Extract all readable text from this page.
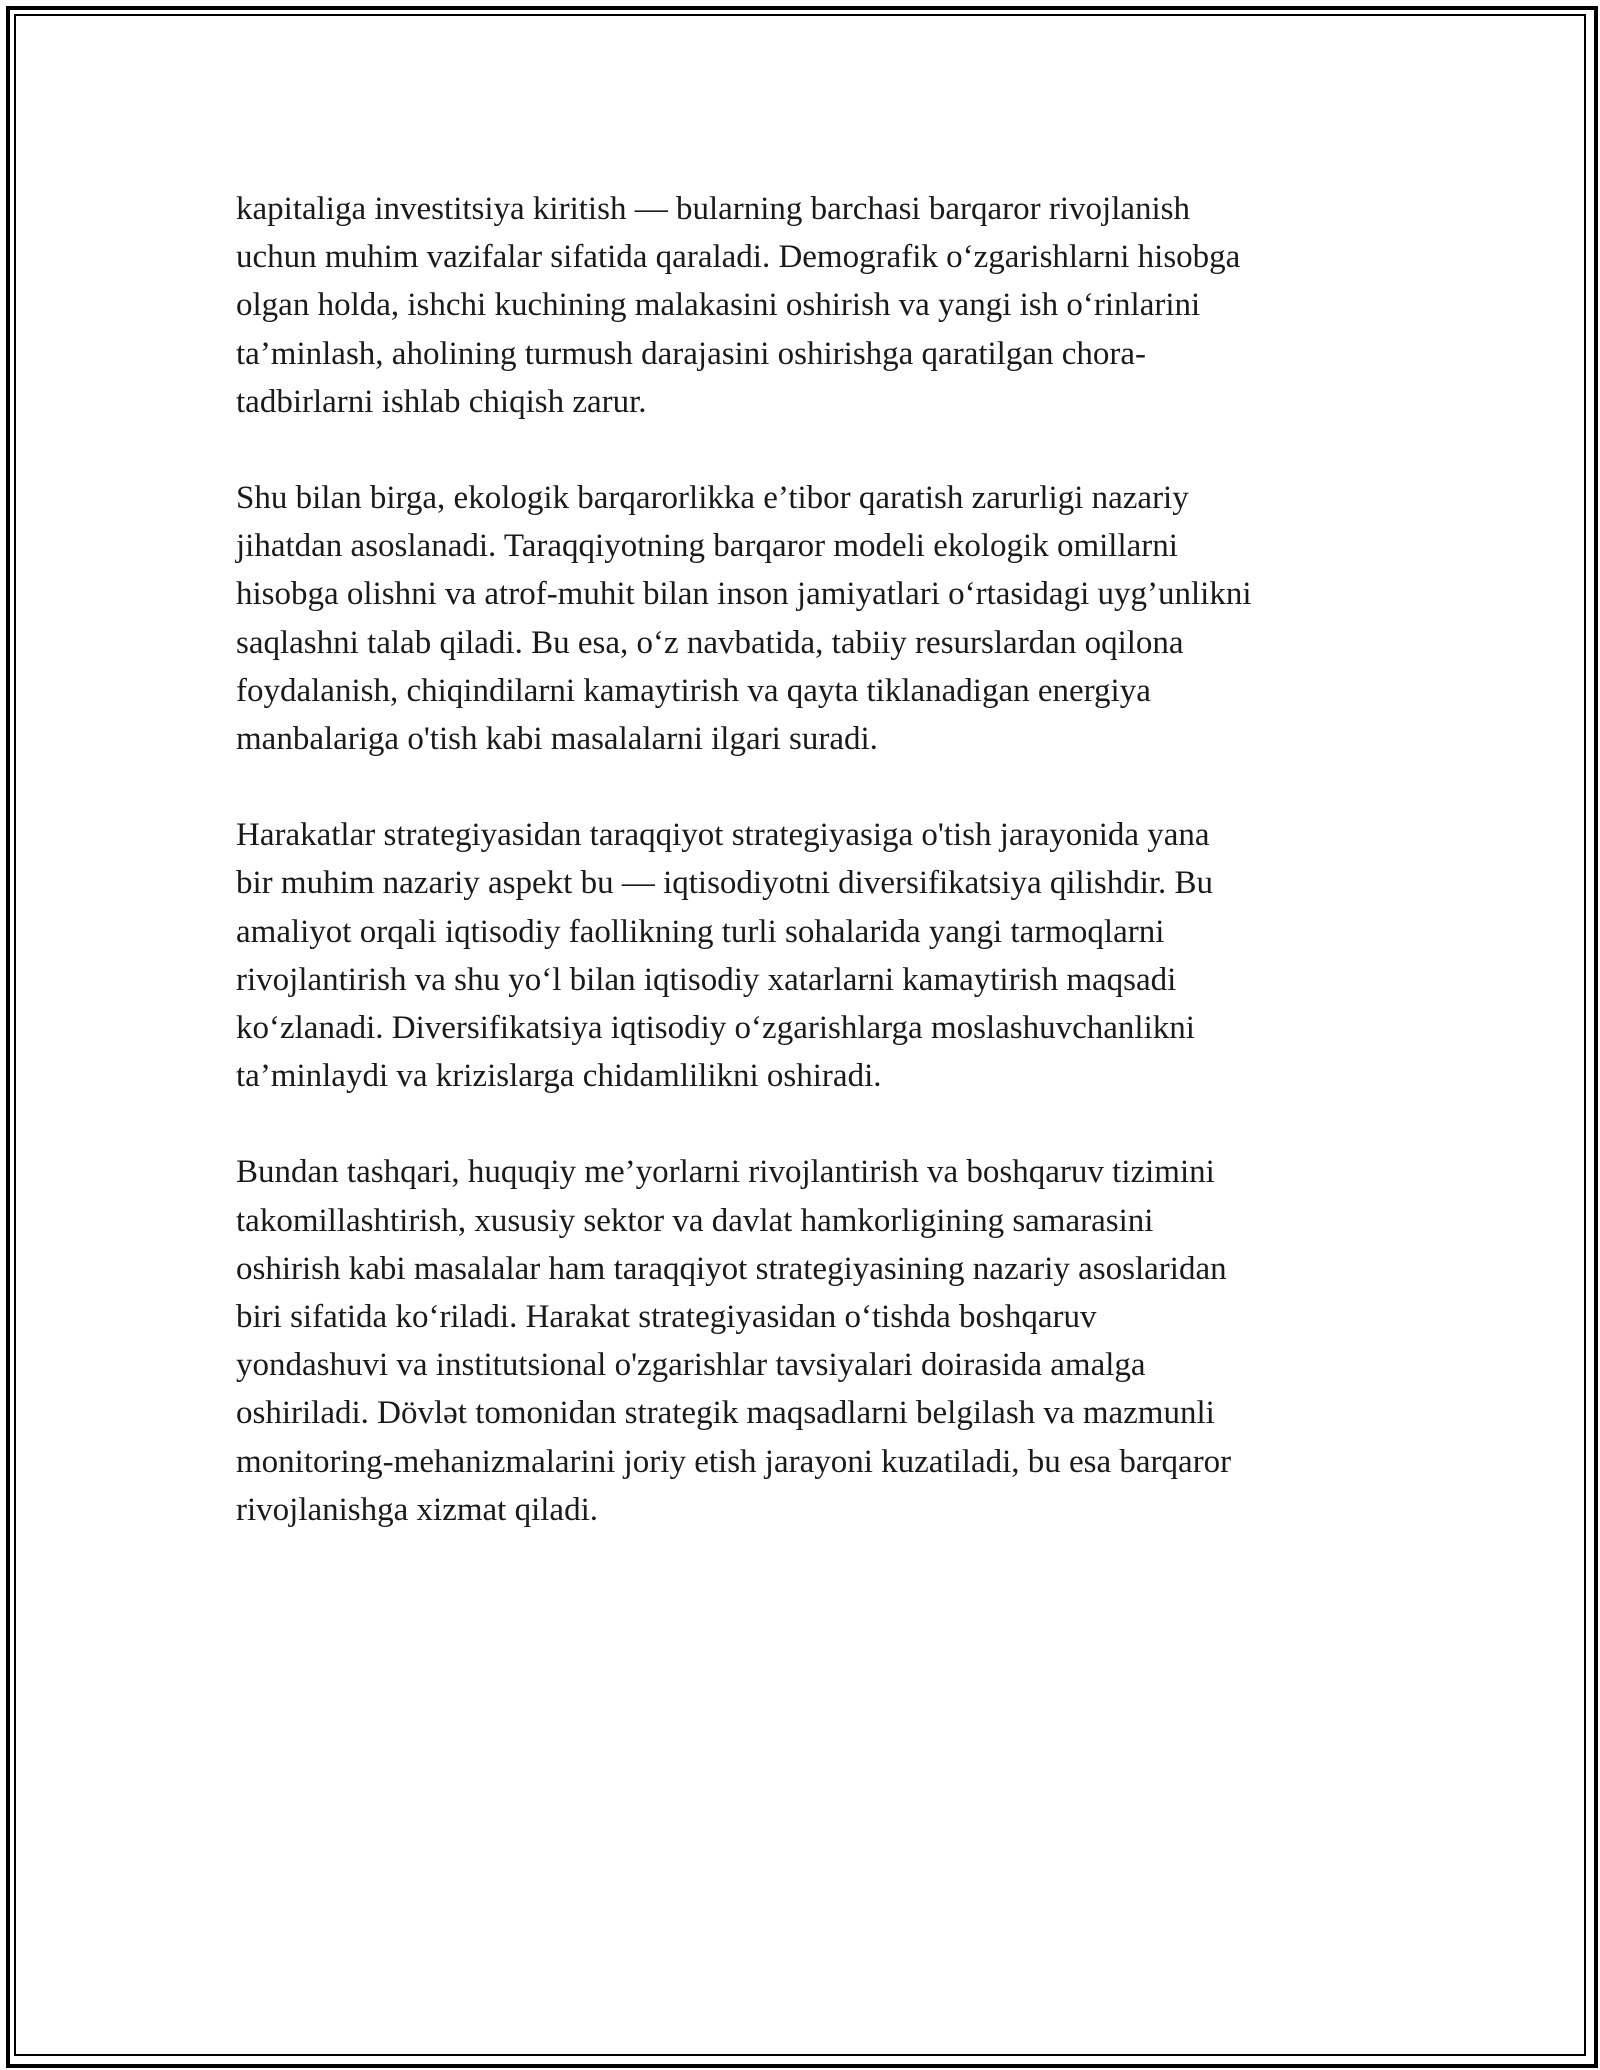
kapitaliga investitsiya kiritish — bularning barchasi barqaror rivojlanish
uchun muhim vazifalar sifatida qaraladi. Demografik o‘zgarishlarni hisobga
olgan holda, ishchi kuchining malakasini oshirish va yangi ish o‘rinlarini
ta’minlash, aholining turmush darajasini oshirishga qaratilgan chora-
tadbirlarni ishlab chiqish zarur.

Shu bilan birga, ekologik barqarorlikka e’tibor qaratish zarurligi nazariy
jihatdan asoslanadi. Taraqqiyotning barqaror modeli ekologik omillarni
hisobga olishni va atrof-muhit bilan inson jamiyatlari o‘rtasidagi uyg’unlikni
saqlashni talab qiladi. Bu esa, o‘z navbatida, tabiiy resurslardan oqilona
foydalanish, chiqindilarni kamaytirish va qayta tiklanadigan energiya
manbalariga o'tish kabi masalalarni ilgari suradi.

Harakatlar strategiyasidan taraqqiyot strategiyasiga o'tish jarayonida yana
bir muhim nazariy aspekt bu — iqtisodiyotni diversifikatsiya qilishdir. Bu
amaliyot orqali iqtisodiy faollikning turli sohalarida yangi tarmoqlarni
rivojlantirish va shu yo‘l bilan iqtisodiy xatarlarni kamaytirish maqsadi
ko‘zlanadi. Diversifikatsiya iqtisodiy o‘zgarishlarga moslashuvchanlikni
ta’minlaydi va krizislarga chidamlilikni oshiradi.

Bundan tashqari, huquqiy me’yorlarni rivojlantirish va boshqaruv tizimini
takomillashtirish, xususiy sektor va davlat hamkorligining samarasini
oshirish kabi masalalar ham taraqqiyot strategiyasining nazariy asoslaridan
biri sifatida ko‘riladi. Harakat strategiyasidan o‘tishda boshqaruv
yondashuvi va institutsional o'zgarishlar tavsiyalari doirasida amalga
oshiriladi. Dövlət tomonidan strategik maqsadlarni belgilash va mazmunli
monitoring-mehanizmalarini joriy etish jarayoni kuzatiladi, bu esa barqaror
rivojlanishga xizmat qiladi.
